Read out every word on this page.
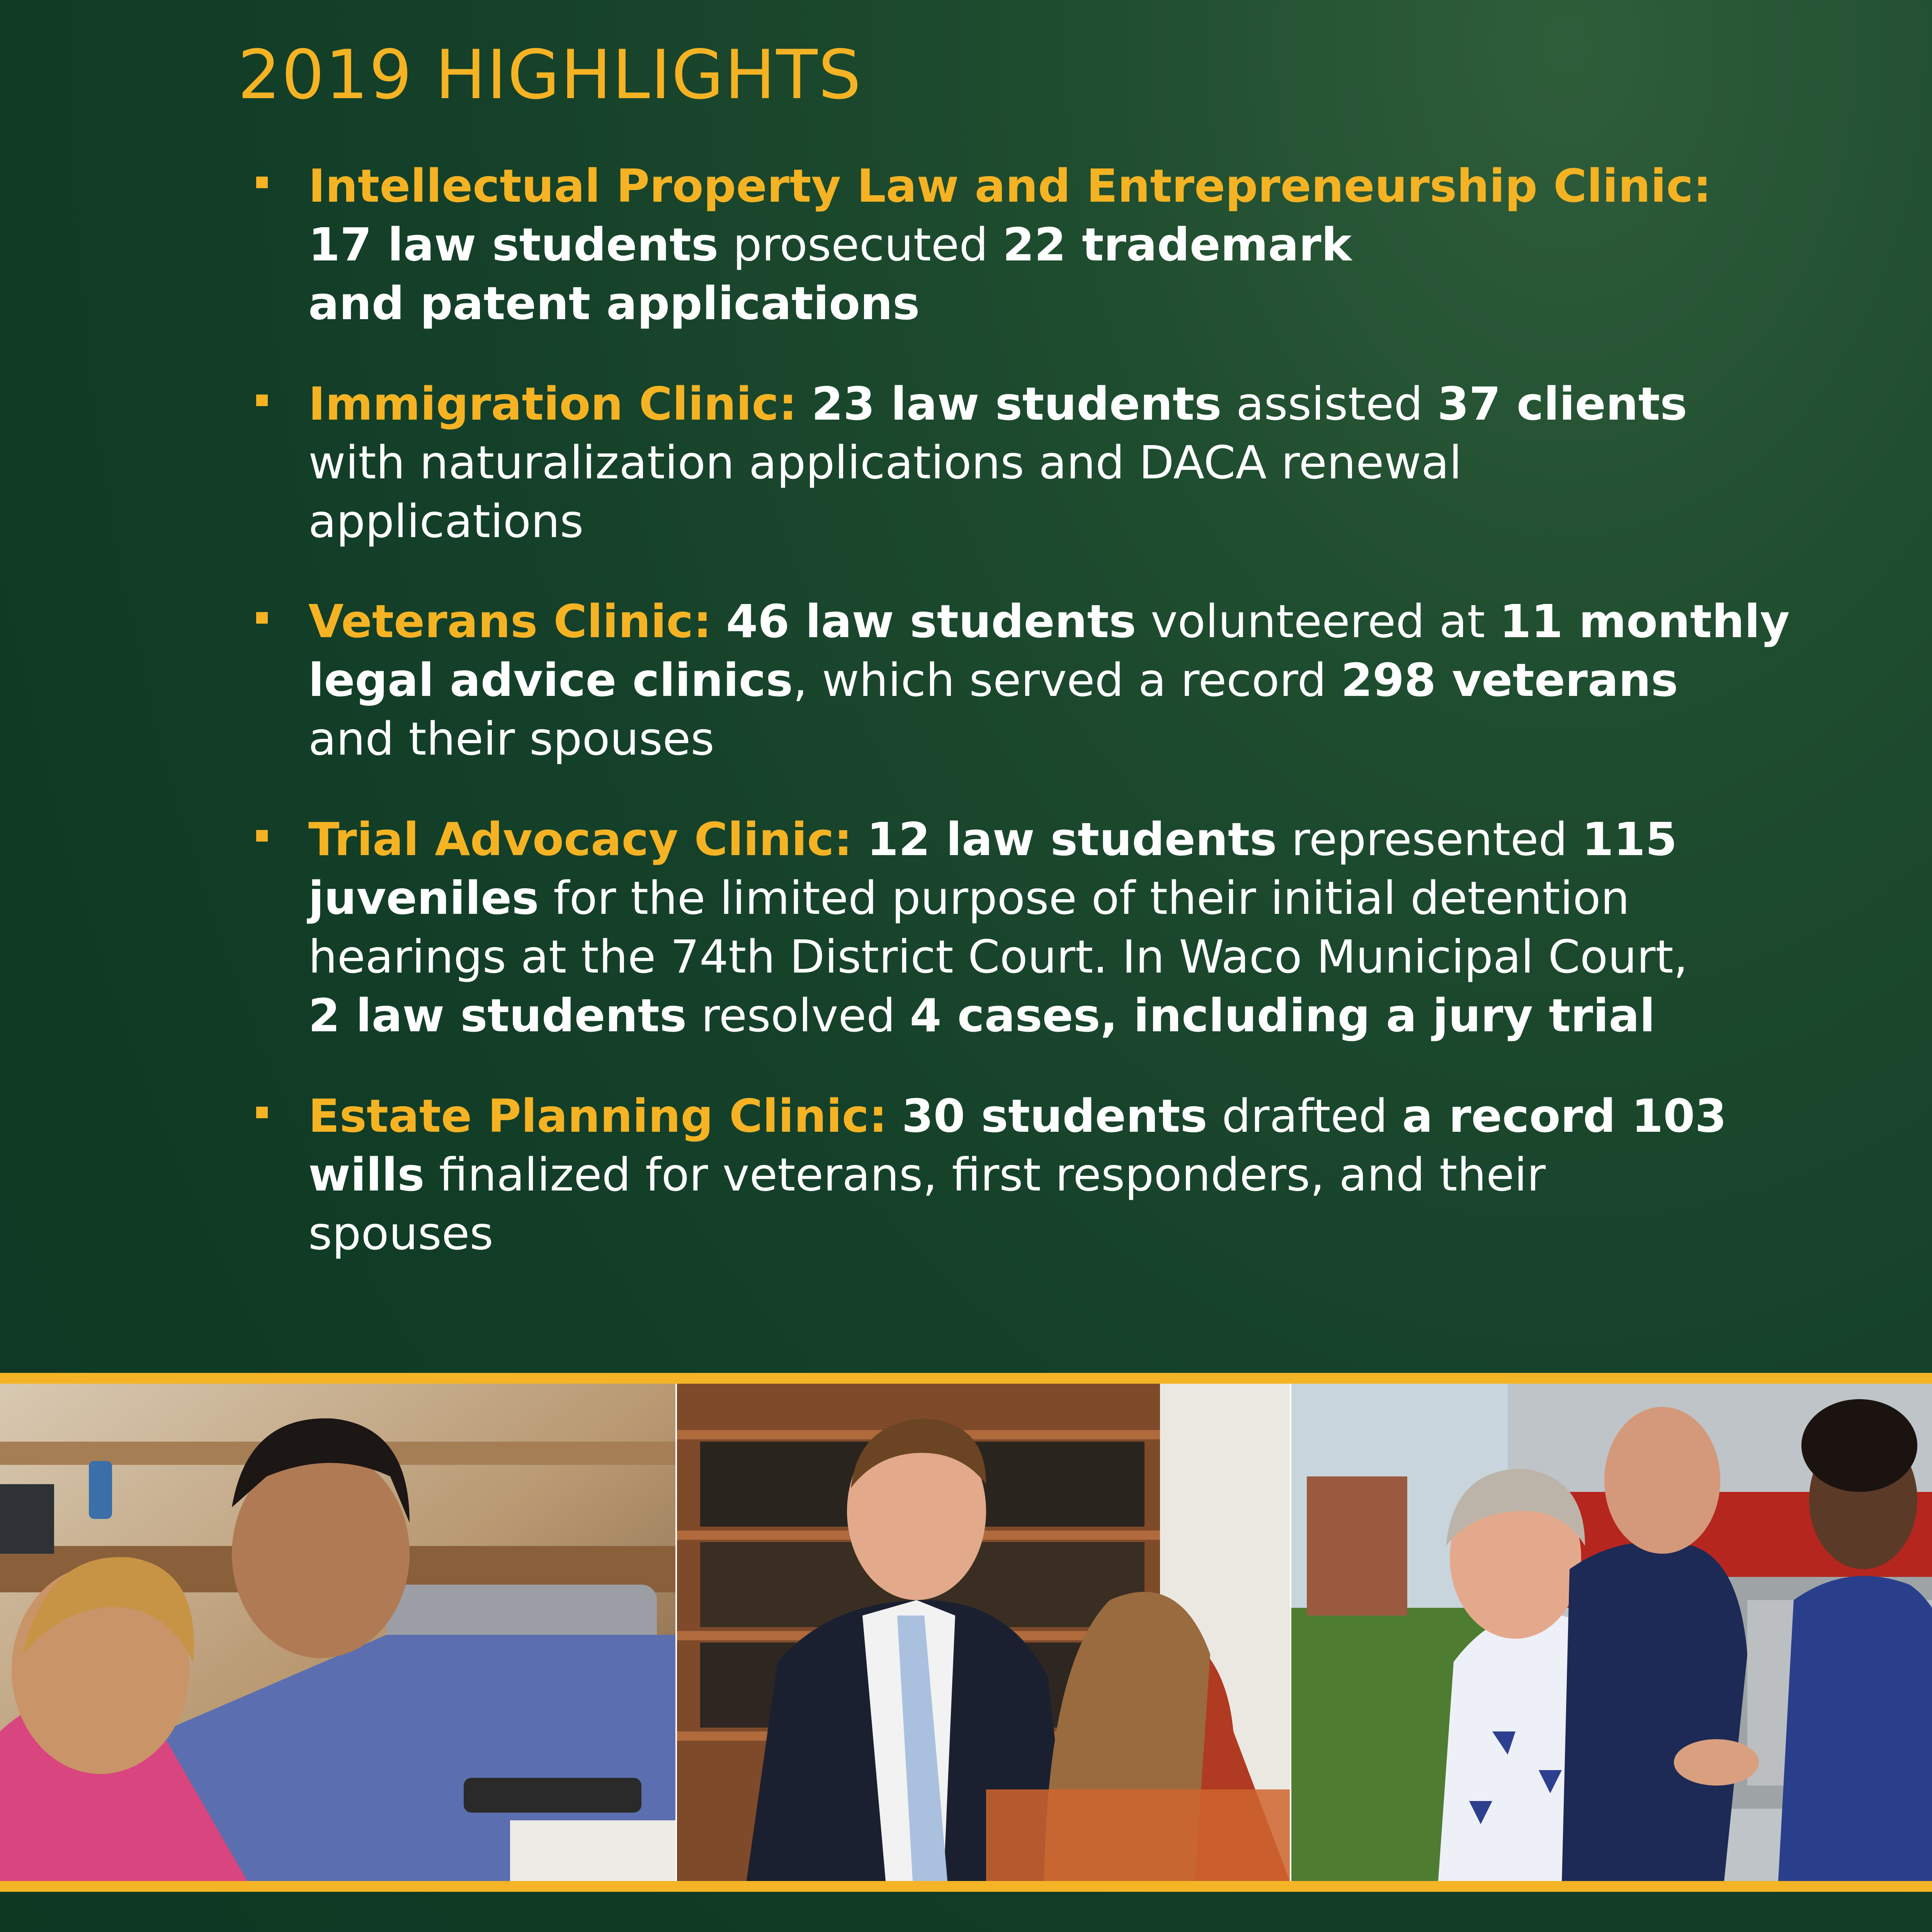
2019 HIGHLIGHTS
Intellectual Property Law and Entrepreneurship Clinic:
17 law students prosecuted 22 trademark
and patent applications
Immigration Clinic: 23 law students assisted 37 clients
with naturalization applications and DACA renewal
applications
Veterans Clinic: 46 law students volunteered at 11 monthly
legal advice clinics, which served a record 298 veterans
and their spouses
Trial Advocacy Clinic: 12 law students represented 115
juveniles for the limited purpose of their initial detention
hearings at the 74th District Court. In Waco Municipal Court,
2 law students resolved 4 cases, including a jury trial
Estate Planning Clinic: 30 students drafted a record 103
wills finalized for veterans, first responders, and their
spouses
